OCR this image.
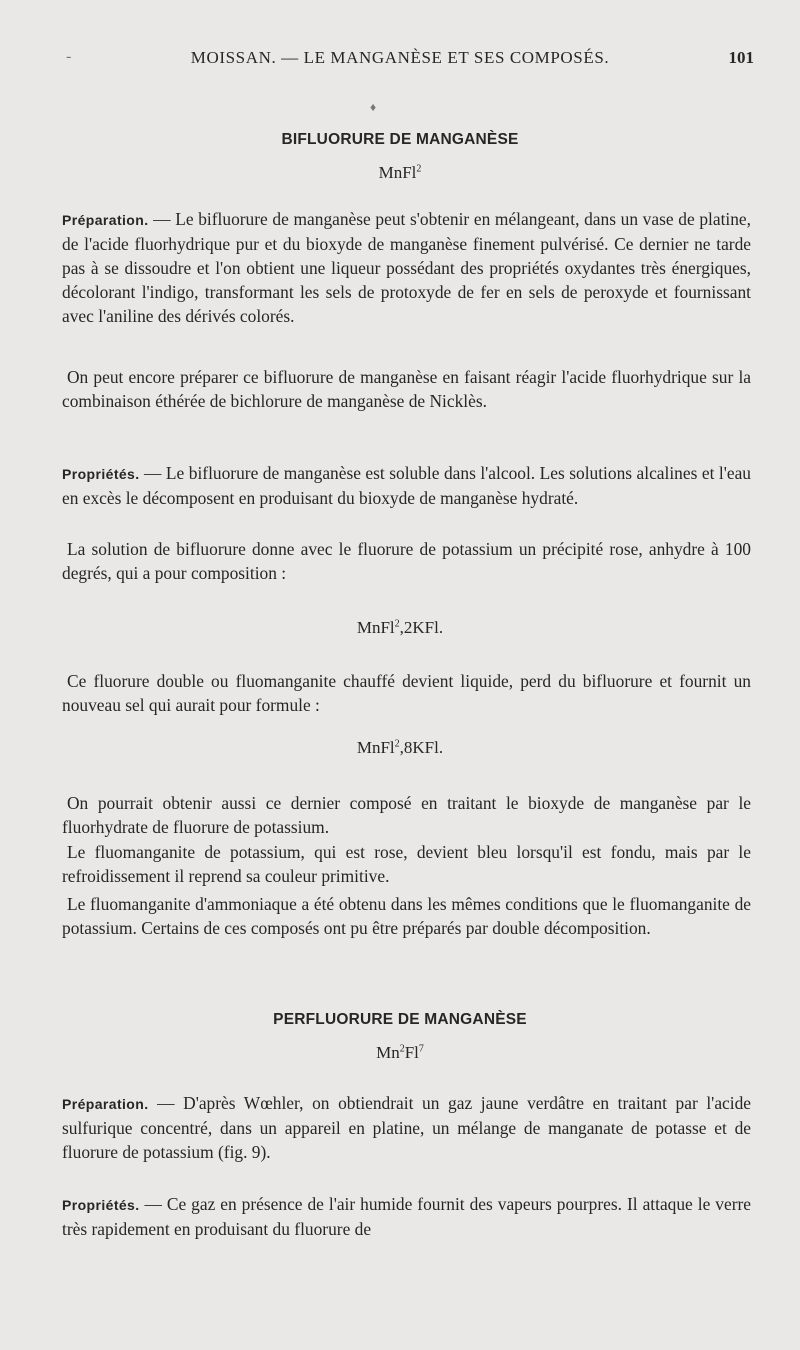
-	MOISSAN. — LE MANGANÈSE ET SES COMPOSÉS.	101
♦
BIFLUORURE DE MANGANÈSE
MnFl$^2$
Préparation. — Le bifluorure de manganèse peut s'obtenir en mélangeant, dans un vase de platine, de l'acide fluorhydrique pur et du bioxyde de manganèse finement pulvérisé. Ce dernier ne tarde pas à se dissoudre et l'on obtient une liqueur possédant des propriétés oxydantes très énergiques, décolorant l'indigo, transformant les sels de protoxyde de fer en sels de peroxyde et fournissant avec l'aniline des dérivés colorés.
On peut encore préparer ce bifluorure de manganèse en faisant réagir l'acide fluorhydrique sur la combinaison éthérée de bichlorure de manganèse de Nicklès.
Propriétés. — Le bifluorure de manganèse est soluble dans l'alcool. Les solutions alcalines et l'eau en excès le décomposent en produisant du bioxyde de manganèse hydraté.
La solution de bifluorure donne avec le fluorure de potassium un précipité rose, anhydre à 100 degrés, qui a pour composition :
MnFl$^2$,2KFl.
Ce fluorure double ou fluomanganite chauffé devient liquide, perd du bifluorure et fournit un nouveau sel qui aurait pour formule :
MnFl$^2$,8KFl.
On pourrait obtenir aussi ce dernier composé en traitant le bioxyde de manganèse par le fluorhydrate de fluorure de potassium.
Le fluomanganite de potassium, qui est rose, devient bleu lorsqu'il est fondu, mais par le refroidissement il reprend sa couleur primitive.
Le fluomanganite d'ammoniaque a été obtenu dans les mêmes conditions que le fluomanganite de potassium. Certains de ces composés ont pu être préparés par double décomposition.
PERFLUORURE DE MANGANÈSE
Mn$^2$Fl$^7$
Préparation. — D'après Wœhler, on obtiendrait un gaz jaune verdâtre en traitant par l'acide sulfurique concentré, dans un appareil en platine, un mélange de manganate de potasse et de fluorure de potassium (fig. 9).
Propriétés. — Ce gaz en présence de l'air humide fournit des vapeurs pourpres. Il attaque le verre très rapidement en produisant du fluorure de
